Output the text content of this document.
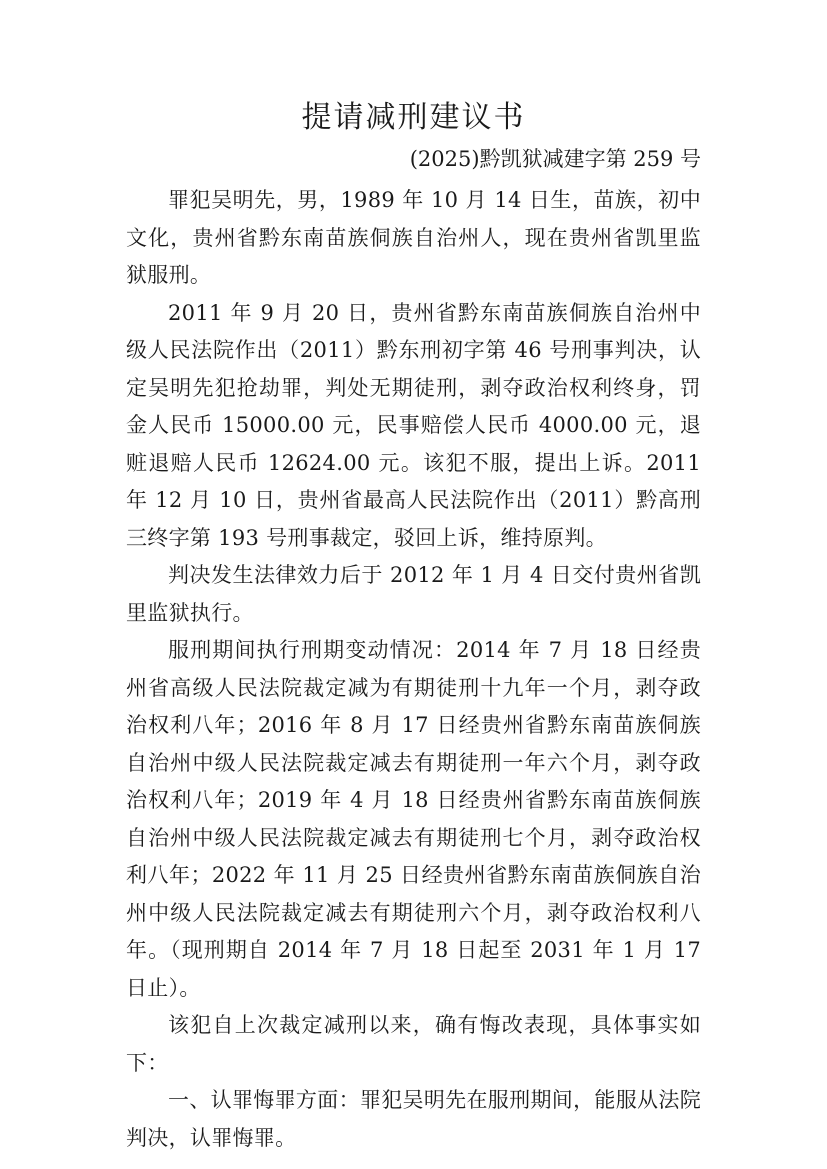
提请减刑建议书
(2025)黔凯狱减建字第 259 号

罪犯吴明先，男，1989 年 10 月 14 日生，苗族，初中文化，贵州省黔东南苗族侗族自治州人，现在贵州省凯里监狱服刑。

2011 年 9 月 20 日，贵州省黔东南苗族侗族自治州中级人民法院作出（2011）黔东刑初字第 46 号刑事判决，认定吴明先犯抢劫罪，判处无期徒刑，剥夺政治权利终身，罚金人民币 15000.00 元，民事赔偿人民币 4000.00 元，退赃退赔人民币 12624.00 元。该犯不服，提出上诉。2011 年 12 月 10 日，贵州省最高人民法院作出（2011）黔高刑三终字第 193 号刑事裁定，驳回上诉，维持原判。

判决发生法律效力后于 2012 年 1 月 4 日交付贵州省凯里监狱执行。

服刑期间执行刑期变动情况：2014 年 7 月 18 日经贵州省高级人民法院裁定减为有期徒刑十九年一个月，剥夺政治权利八年；2016 年 8 月 17 日经贵州省黔东南苗族侗族自治州中级人民法院裁定减去有期徒刑一年六个月，剥夺政治权利八年；2019 年 4 月 18 日经贵州省黔东南苗族侗族自治州中级人民法院裁定减去有期徒刑七个月，剥夺政治权利八年；2022 年 11 月 25 日经贵州省黔东南苗族侗族自治州中级人民法院裁定减去有期徒刑六个月，剥夺政治权利八年。（现刑期自 2014 年 7 月 18 日起至 2031 年 1 月 17 日止）。

该犯自上次裁定减刑以来，确有悔改表现，具体事实如下：

一、认罪悔罪方面：罪犯吴明先在服刑期间，能服从法院判决，认罪悔罪。
